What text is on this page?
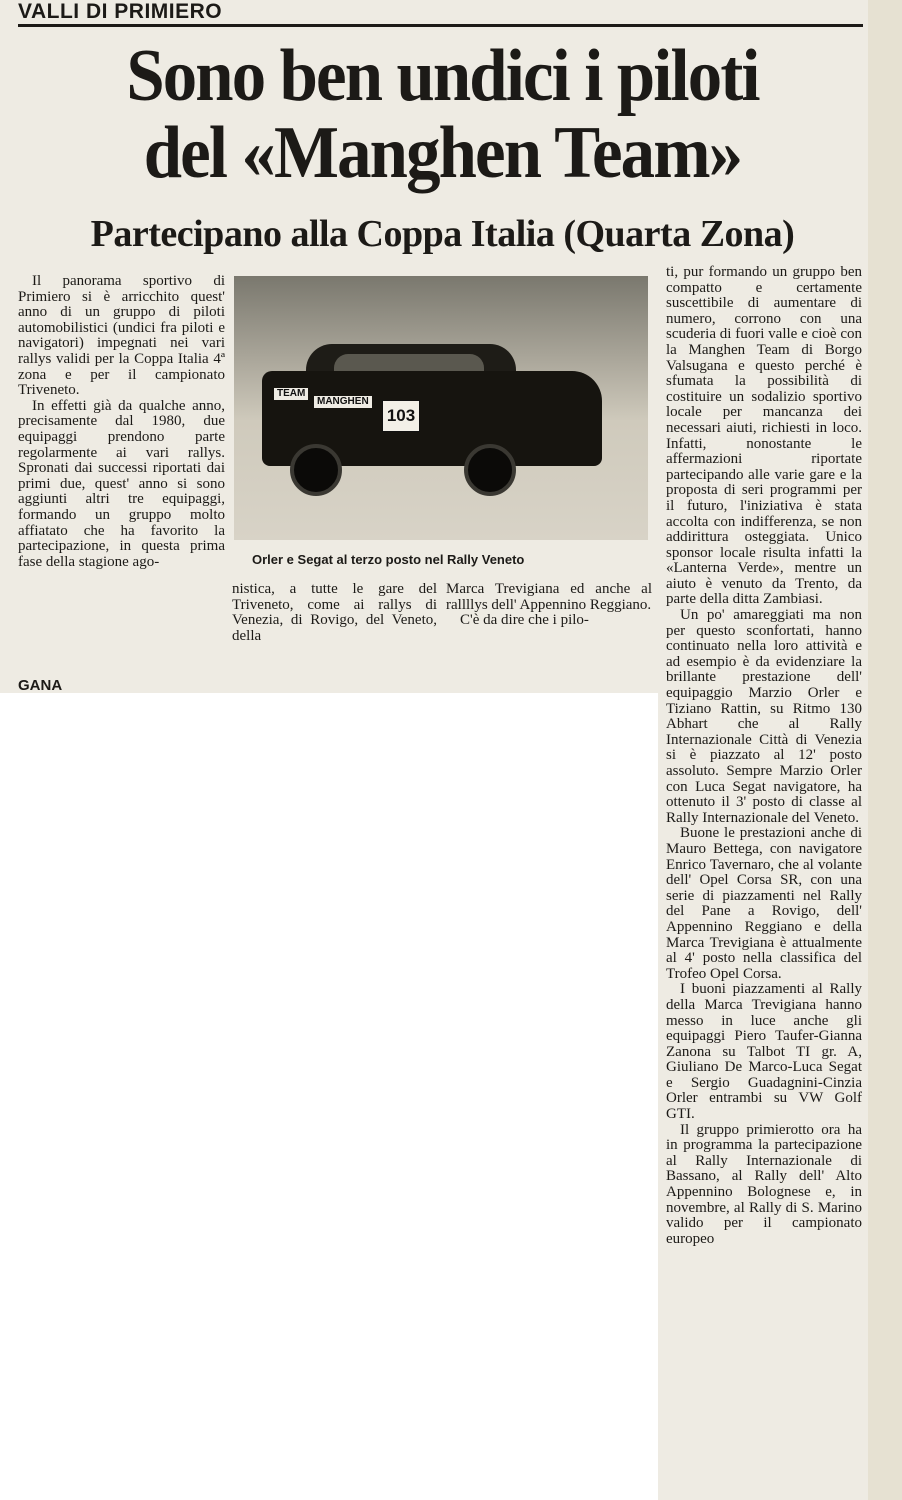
VALLI DI PRIMIERO
Sono ben undici i piloti
del «Manghen Team»
Partecipano alla Coppa Italia (Quarta Zona)

Il panorama sportivo di Primiero si è arricchito quest' anno di un gruppo di piloti automobilistici (undici fra piloti e navigatori) impegnati nei vari rallys validi per la Coppa Italia 4ª zona e per il campionato Triveneto.

In effetti già da qualche anno, precisamente dal 1980, due equipaggi prendono parte regolarmente ai vari rallys. Spronati dai successi riportati dai primi due, quest' anno si sono aggiunti altri tre equipaggi, formando un gruppo molto affiatato che ha favorito la partecipazione, in questa prima fase della stagione ago-

TEAM
MANGHEN
103

Orler e Segat al terzo posto nel Rally Veneto

nistica, a tutte le gare del Triveneto, come ai rallys di Venezia, di Rovigo, del Veneto, della

Marca Trevigiana ed anche al rallllys dell' Appennino Reggiano.

C'è da dire che i pilo-

ti, pur formando un gruppo ben compatto e certamente suscettibile di aumentare di numero, corrono con una scuderia di fuori valle e cioè con la Manghen Team di Borgo Valsugana e questo perché è sfumata la possibilità di costituire un sodalizio sportivo locale per mancanza dei necessari aiuti, richiesti in loco. Infatti, nonostante le affermazioni riportate partecipando alle varie gare e la proposta di seri programmi per il futuro, l'iniziativa è stata accolta con indifferenza, se non addirittura osteggiata. Unico sponsor locale risulta infatti la «Lanterna Verde», mentre un aiuto è venuto da Trento, da parte della ditta Zambiasi.

Un po' amareggiati ma non per questo sconfortati, hanno continuato nella loro attività e ad esempio è da evidenziare la brillante prestazione dell' equipaggio Marzio Orler e Tiziano Rattin, su Ritmo 130 Abhart che al Rally Internazionale Città di Venezia si è piazzato al 12' posto assoluto. Sempre Marzio Orler con Luca Segat navigatore, ha ottenuto il 3' posto di classe al Rally Internazionale del Veneto.

Buone le prestazioni anche di Mauro Bettega, con navigatore Enrico Tavernaro, che al volante dell' Opel Corsa SR, con una serie di piazzamenti nel Rally del Pane a Rovigo, dell' Appennino Reggiano e della Marca Trevigiana è attualmente al 4' posto nella classifica del Trofeo Opel Corsa.

I buoni piazzamenti al Rally della Marca Trevigiana hanno messo in luce anche gli equipaggi Piero Taufer-Gianna Zanona su Talbot TI gr. A, Giuliano De Marco-Luca Segat e Sergio Guadagnini-Cinzia Orler entrambi su VW Golf GTI.

Il gruppo primierotto ora ha in programma la partecipazione al Rally Internazionale di Bassano, al Rally dell' Alto Appennino Bolognese e, in novembre, al Rally di S. Marino valido per il campionato europeo

GANA
